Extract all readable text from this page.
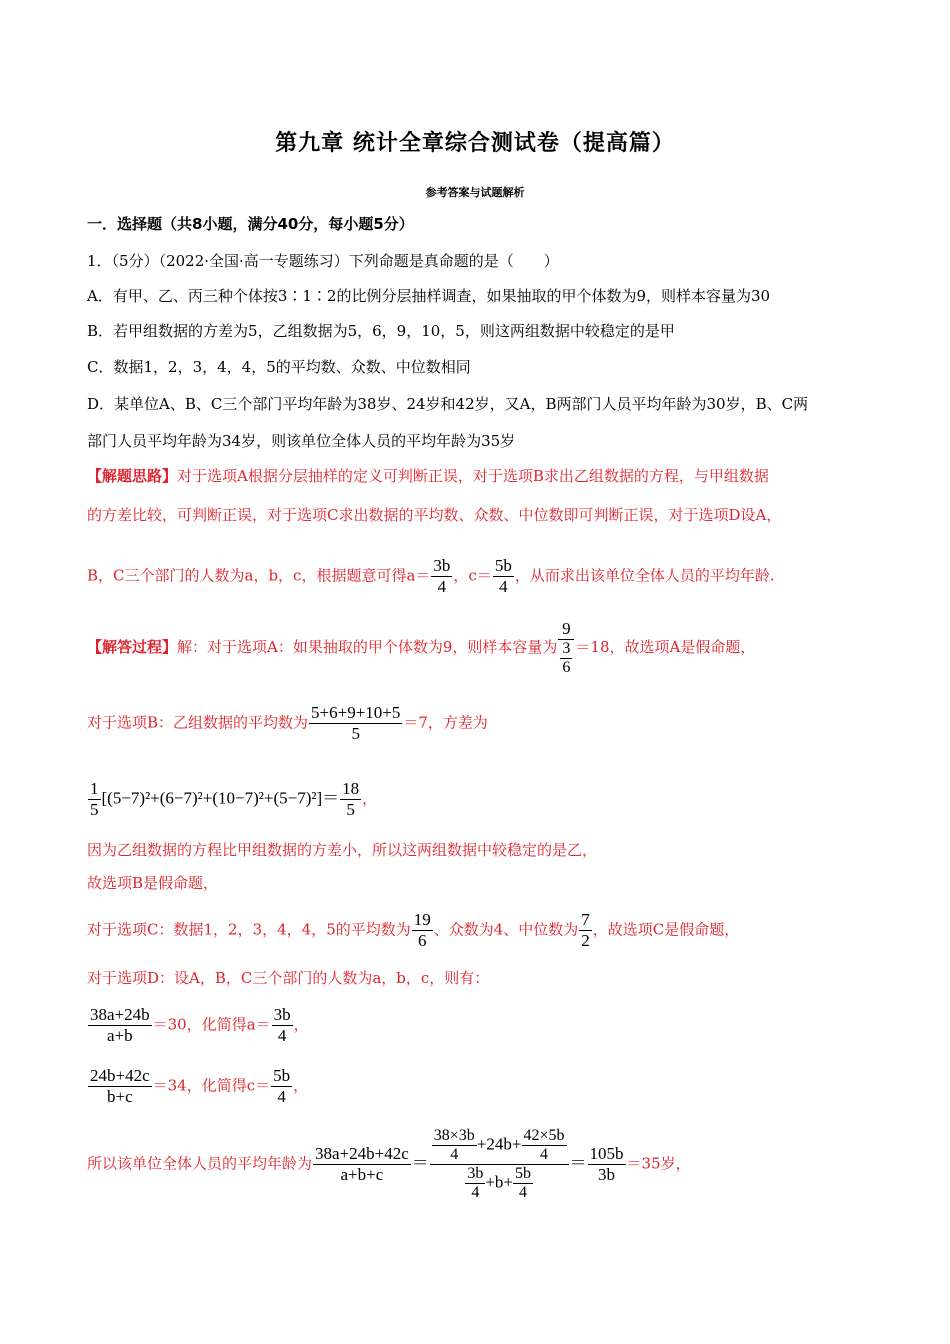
第九章 统计全章综合测试卷（提高篇）
参考答案与试题解析
一．选择题（共8小题，满分40分，每小题5分）
1．（5分）（2022·全国·高一专题练习）下列命题是真命题的是（　　）
A．有甲、乙、丙三种个体按3∶1∶2的比例分层抽样调查，如果抽取的甲个体数为9，则样本容量为30
B．若甲组数据的方差为5，乙组数据为5，6，9，10，5，则这两组数据中较稳定的是甲
C．数据1，2，3，4，4，5的平均数、众数、中位数相同
D．某单位A、B、C三个部门平均年龄为38岁、24岁和42岁，又A，B两部门人员平均年龄为30岁，B、C两
部门人员平均年龄为34岁，则该单位全体人员的平均年龄为35岁
【解题思路】对于选项A根据分层抽样的定义可判断正误，对于选项B求出乙组数据的方程，与甲组数据
的方差比较，可判断正误，对于选项C求出数据的平均数、众数、中位数即可判断正误，对于选项D设A，
B，C三个部门的人数为a，b，c，根据题意可得$a= \frac{3b}{4}$ ，$c= \frac{5b}{4}$ ，从而求出该单位全体人员的平均年龄.
【解答过程】解：对于选项A：如果抽取的甲个体数为9，则样本容量为 $\frac{9}{\frac{3}{6}} =18$，故选项A是假命题，
对于选项B：乙组数据的平均数为 $\frac{5+6+9+10+5}{5} =7$，方差为
$\frac{1}{5} [(5-7)^2+(6-7)^2+(10-7)^2+(5-7)^2]= \frac{18}{5}$ ，
因为乙组数据的方程比甲组数据的方差小，所以这两组数据中较稳定的是乙，
故选项B是假命题，
对于选项C：数据1，2，3，4，4，5的平均数为 $\frac{19}{6}$ 、众数为4、中位数为 $\frac{7}{2}$ ，故选项C是假命题，
对于选项D：设A，B，C三个部门的人数为a，b，c，则有：
$\frac{38a+24b}{a+b} =30$，化简得$a= \frac{3b}{4}$ ，
$\frac{24b+42c}{b+c} =34$，化简得$c= \frac{5b}{4}$ ，
所以该单位全体人员的平均年龄为 $\frac{38a+24b+42c}{a+b+c} = \frac{\frac{38\times 3b}{4} +24b+ \frac{42\times 5b}{4}}{\frac{3b}{4} +b+ \frac{5b}{4}} = \frac{105b}{3b} =35$岁，
